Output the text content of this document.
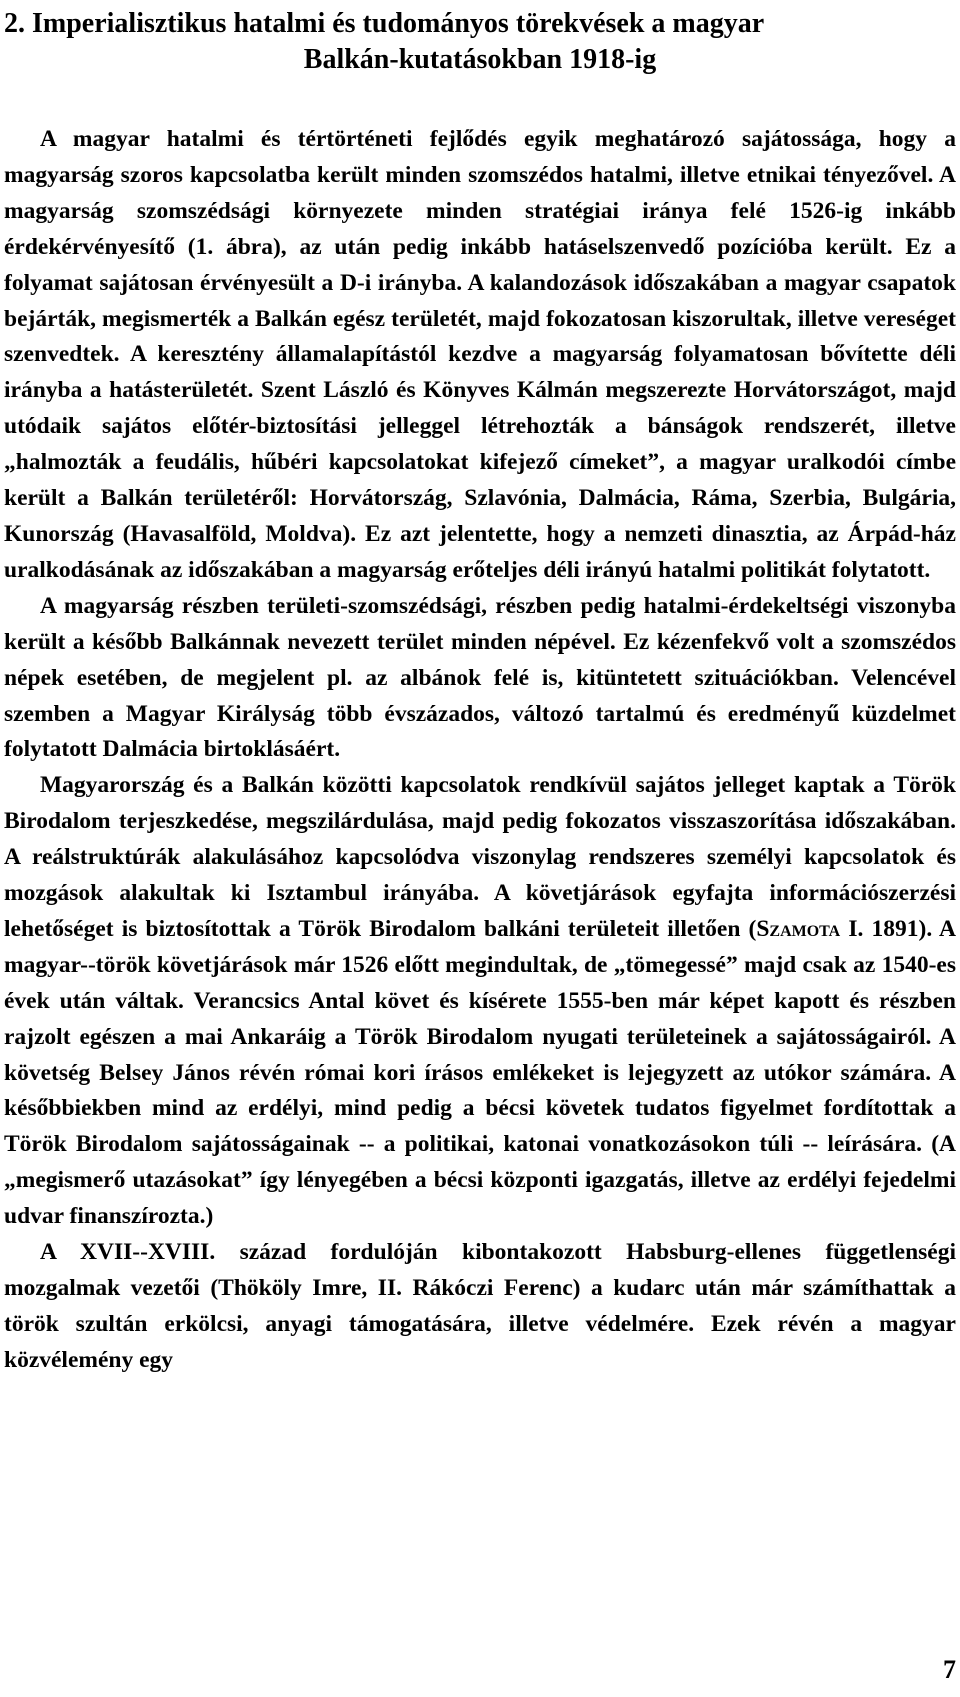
2. Imperialisztikus hatalmi és tudományos törekvések a magyar
Balkán-kutatásokban 1918-ig

A magyar hatalmi és tértörténeti fejlődés egyik meghatározó sajátossága, hogy a magyarság szoros kapcsolatba került minden szomszédos hatalmi, illetve etnikai tényezővel. A magyarság szomszédsági környezete minden stratégiai iránya felé 1526-ig inkább érdekérvényesítő (1. ábra), az után pedig inkább hatáselszenvedő pozícióba került. Ez a folyamat sajátosan érvényesült a D-i irányba. A kalandozások időszakában a magyar csapatok bejárták, megismerték a Balkán egész területét, majd fokozatosan kiszorultak, illetve vereséget szenvedtek. A keresztény államalapítástól kezdve a magyarság folyamatosan bővítette déli irányba a hatásterületét. Szent László és Könyves Kálmán megszerezte Horvátországot, majd utódaik sajátos előtér-biztosítási jelleggel létrehozták a bánságok rendszerét, illetve „halmozták a feudális, hűbéri kapcsolatokat kifejező címeket”, a magyar uralkodói címbe került a Balkán területéről: Horvátország, Szlavónia, Dalmácia, Ráma, Szerbia, Bulgária, Kunország (Havasalföld, Moldva). Ez azt jelentette, hogy a nemzeti dinasztia, az Árpád-ház uralkodásának az időszakában a magyarság erőteljes déli irányú hatalmi politikát folytatott.

A magyarság részben területi-szomszédsági, részben pedig hatalmi-érdekeltségi viszonyba került a később Balkánnak nevezett terület minden népével. Ez kézenfekvő volt a szomszédos népek esetében, de megjelent pl. az albánok felé is, kitüntetett szituációkban. Velencével szemben a Magyar Királyság több évszázados, változó tartalmú és eredményű küzdelmet folytatott Dalmácia birtoklásáért.

Magyarország és a Balkán közötti kapcsolatok rendkívül sajátos jelleget kaptak a Török Birodalom terjeszkedése, megszilárdulása, majd pedig fokozatos visszaszorítása időszakában. A reálstruktúrák alakulásához kapcsolódva viszonylag rendszeres személyi kapcsolatok és mozgások alakultak ki Isztambul irányába. A követjárások egyfajta információszerzési lehetőséget is biztosítottak a Török Birodalom balkáni területeit illetően (Szamota I. 1891). A magyar--török követjárások már 1526 előtt megindultak, de „tömegessé” majd csak az 1540-es évek után váltak. Verancsics Antal követ és kísérete 1555-ben már képet kapott és részben rajzolt egészen a mai Ankaráig a Török Birodalom nyugati területeinek a sajátosságairól. A követség Belsey János révén római kori írásos emlékeket is lejegyzett az utókor számára. A későbbiekben mind az erdélyi, mind pedig a bécsi követek tudatos figyelmet fordítottak a Török Birodalom sajátosságainak -- a politikai, katonai vonatkozásokon túli -- leírására. (A „megismerő utazásokat” így lényegében a bécsi központi igazgatás, illetve az erdélyi fejedelmi udvar finanszírozta.)

A XVII--XVIII. század fordulóján kibontakozott Habsburg-ellenes függetlenségi mozgalmak vezetői (Thököly Imre, II. Rákóczi Ferenc) a kudarc után már számíthattak a török szultán erkölcsi, anyagi támogatására, illetve védelmére. Ezek révén a magyar közvélemény egy

7
